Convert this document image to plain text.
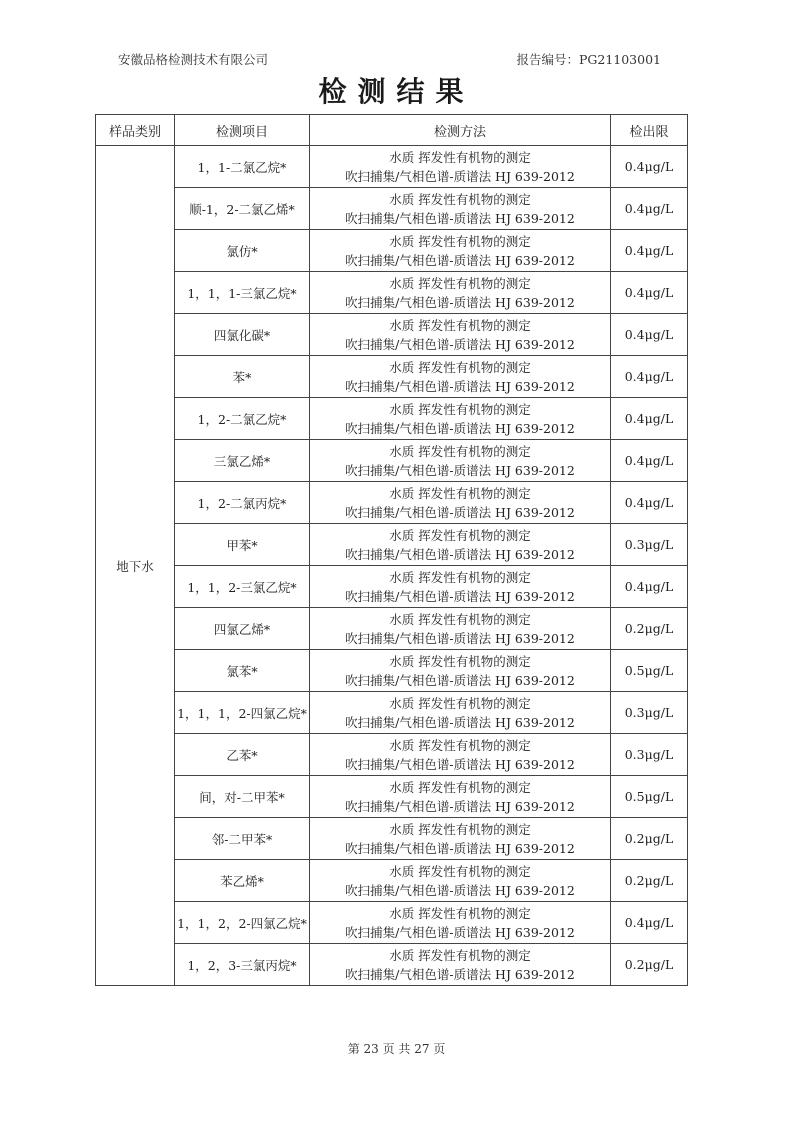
安徽品格检测技术有限公司	报告编号：PG21103001
检测结果
样品类别	检测项目	检测方法	检出限
地下水	1，1-二氯乙烷*	水质 挥发性有机物的测定
吹扫捕集/气相色谱-质谱法 HJ 639-2012	0.4μg/L
	顺-1，2-二氯乙烯*	水质 挥发性有机物的测定
吹扫捕集/气相色谱-质谱法 HJ 639-2012	0.4μg/L
	氯仿*	水质 挥发性有机物的测定
吹扫捕集/气相色谱-质谱法 HJ 639-2012	0.4μg/L
	1，1，1-三氯乙烷*	水质 挥发性有机物的测定
吹扫捕集/气相色谱-质谱法 HJ 639-2012	0.4μg/L
	四氯化碳*	水质 挥发性有机物的测定
吹扫捕集/气相色谱-质谱法 HJ 639-2012	0.4μg/L
	苯*	水质 挥发性有机物的测定
吹扫捕集/气相色谱-质谱法 HJ 639-2012	0.4μg/L
	1，2-二氯乙烷*	水质 挥发性有机物的测定
吹扫捕集/气相色谱-质谱法 HJ 639-2012	0.4μg/L
	三氯乙烯*	水质 挥发性有机物的测定
吹扫捕集/气相色谱-质谱法 HJ 639-2012	0.4μg/L
	1，2-二氯丙烷*	水质 挥发性有机物的测定
吹扫捕集/气相色谱-质谱法 HJ 639-2012	0.4μg/L
	甲苯*	水质 挥发性有机物的测定
吹扫捕集/气相色谱-质谱法 HJ 639-2012	0.3μg/L
	1，1，2-三氯乙烷*	水质 挥发性有机物的测定
吹扫捕集/气相色谱-质谱法 HJ 639-2012	0.4μg/L
	四氯乙烯*	水质 挥发性有机物的测定
吹扫捕集/气相色谱-质谱法 HJ 639-2012	0.2μg/L
	氯苯*	水质 挥发性有机物的测定
吹扫捕集/气相色谱-质谱法 HJ 639-2012	0.5μg/L
	1，1，1，2-四氯乙烷*	水质 挥发性有机物的测定
吹扫捕集/气相色谱-质谱法 HJ 639-2012	0.3μg/L
	乙苯*	水质 挥发性有机物的测定
吹扫捕集/气相色谱-质谱法 HJ 639-2012	0.3μg/L
	间，对-二甲苯*	水质 挥发性有机物的测定
吹扫捕集/气相色谱-质谱法 HJ 639-2012	0.5μg/L
	邻-二甲苯*	水质 挥发性有机物的测定
吹扫捕集/气相色谱-质谱法 HJ 639-2012	0.2μg/L
	苯乙烯*	水质 挥发性有机物的测定
吹扫捕集/气相色谱-质谱法 HJ 639-2012	0.2μg/L
	1，1，2，2-四氯乙烷*	水质 挥发性有机物的测定
吹扫捕集/气相色谱-质谱法 HJ 639-2012	0.4μg/L
	1，2，3-三氯丙烷*	水质 挥发性有机物的测定
吹扫捕集/气相色谱-质谱法 HJ 639-2012	0.2μg/L
第 23 页 共 27 页
